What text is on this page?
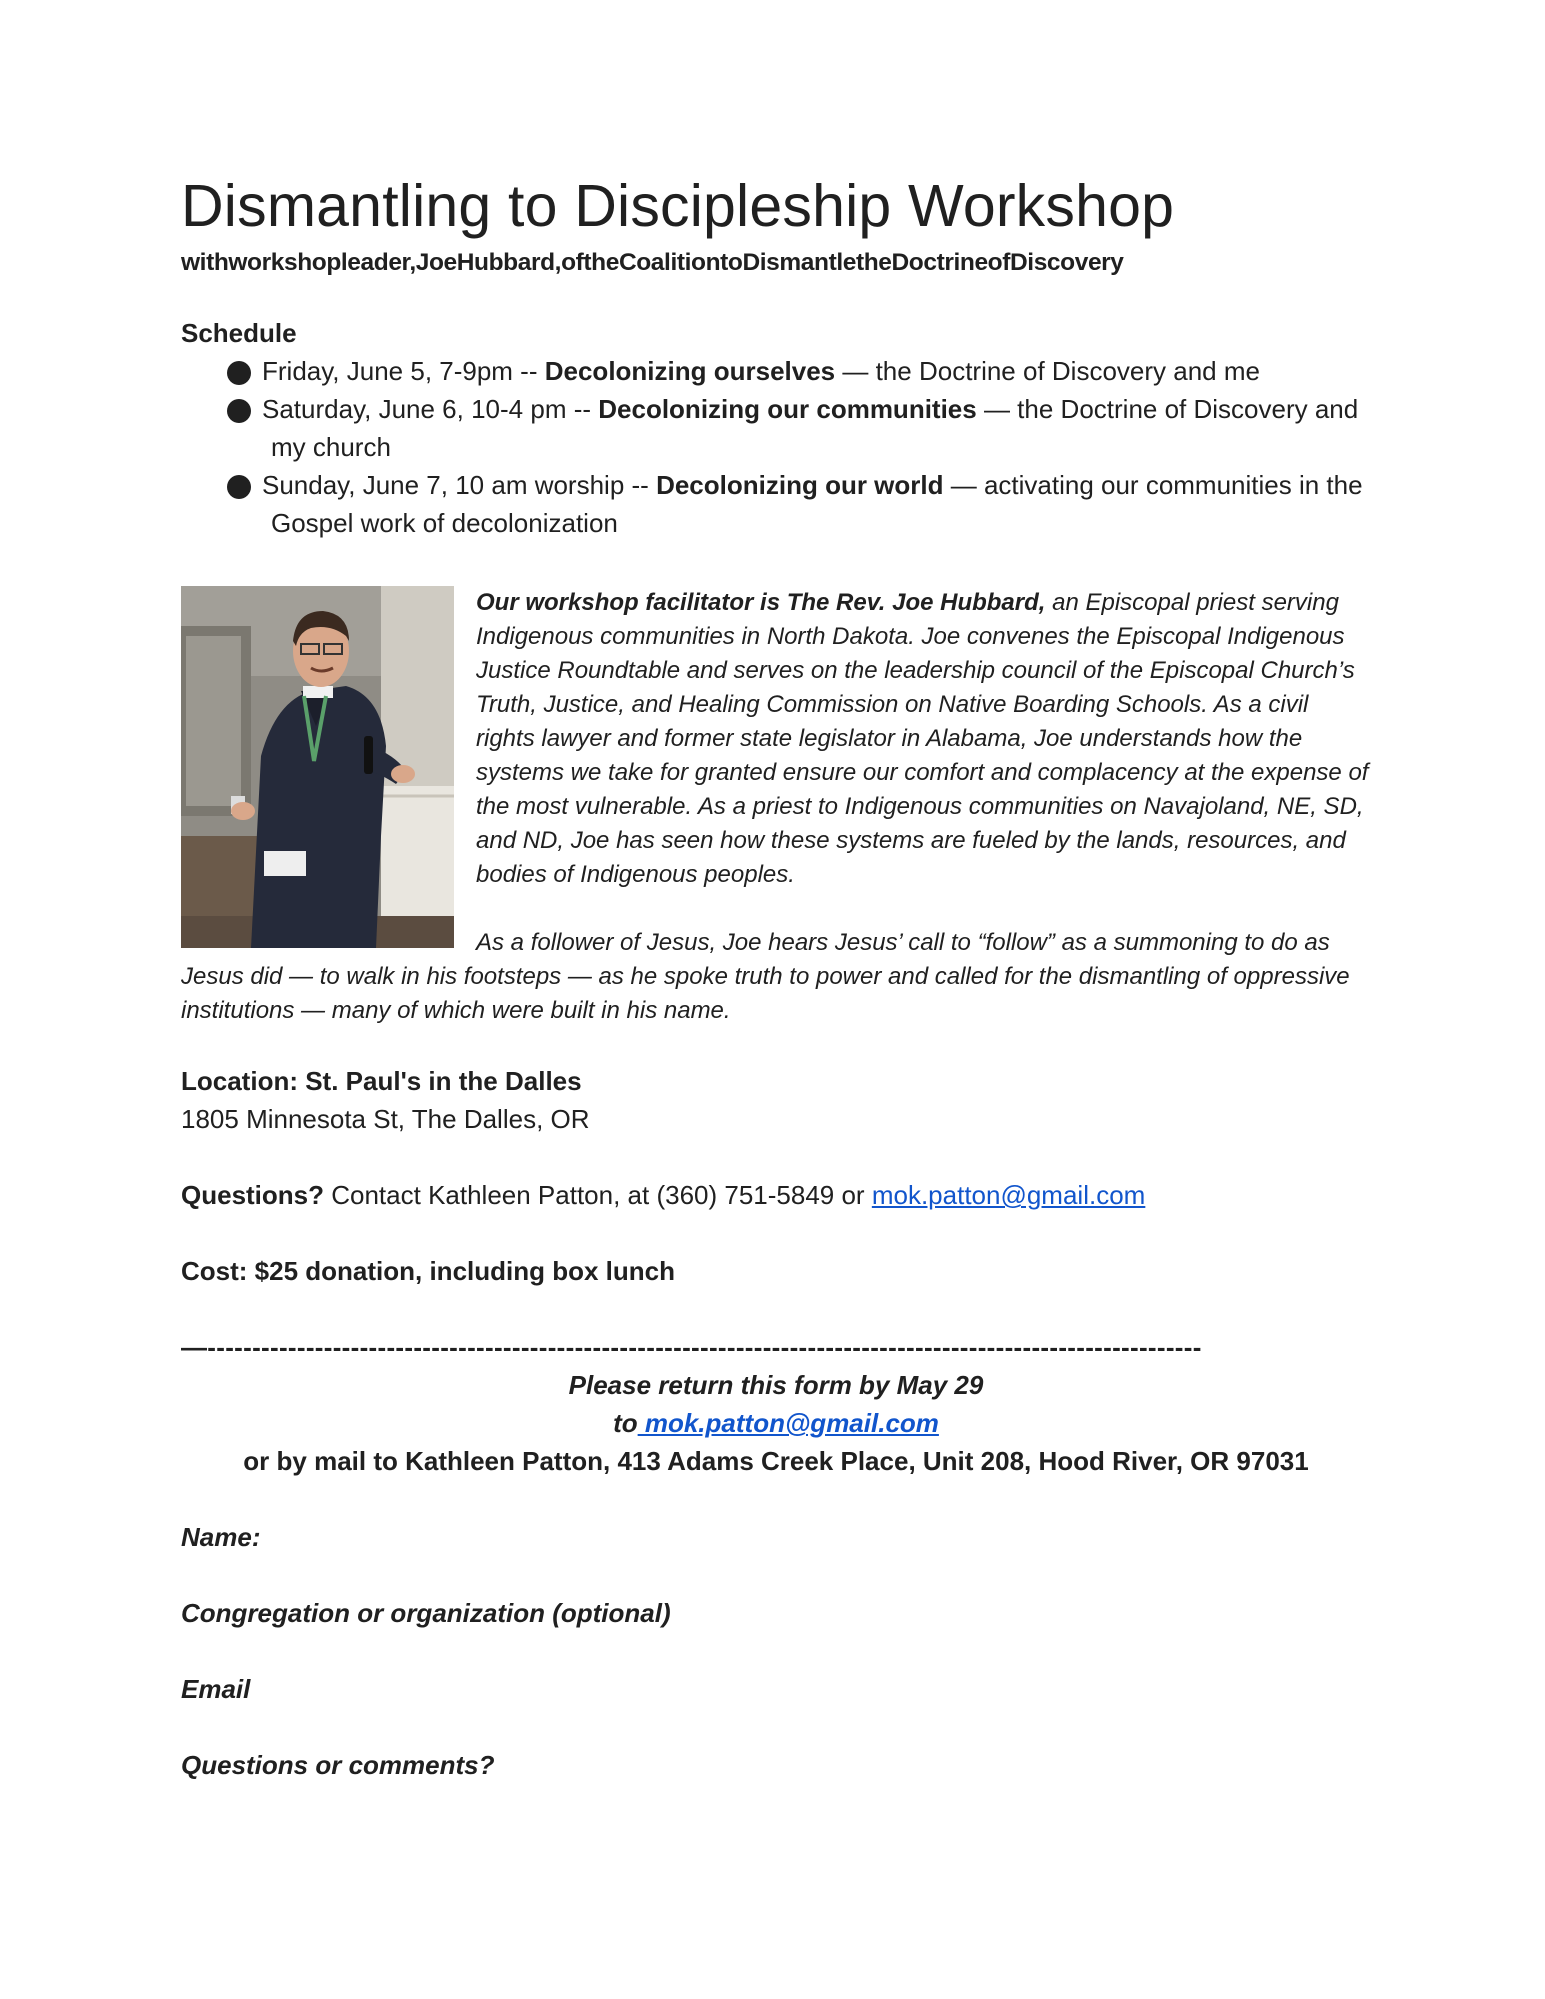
Dismantling to Discipleship Workshop
withworkshopleader,JoeHubbard,oftheCoalitiontoDismantletheDoctrineofDiscovery
Schedule
Friday, June 5, 7-9pm -- Decolonizing ourselves — the Doctrine of Discovery and me
Saturday, June 6, 10-4 pm -- Decolonizing our communities — the Doctrine of Discovery and my church
Sunday, June 7, 10 am worship -- Decolonizing our world — activating our communities in the Gospel work of decolonization

Our workshop facilitator is The Rev. Joe Hubbard, an Episcopal priest serving Indigenous communities in North Dakota. Joe convenes the Episcopal Indigenous Justice Roundtable and serves on the leadership council of the Episcopal Church’s Truth, Justice, and Healing Commission on Native Boarding Schools. As a civil rights lawyer and former state legislator in Alabama, Joe understands how the systems we take for granted ensure our comfort and complacency at the expense of the most vulnerable. As a priest to Indigenous communities on Navajoland, NE, SD, and ND, Joe has seen how these systems are fueled by the lands, resources, and bodies of Indigenous peoples.

As a follower of Jesus, Joe hears Jesus’ call to “follow” as a summoning to do as Jesus did — to walk in his footsteps — as he spoke truth to power and called for the dismantling of oppressive institutions — many of which were built in his name.

Location: St. Paul's in the Dalles
1805 Minnesota St, The Dalles, OR
Questions? Contact Kathleen Patton, at (360) 751-5849 or mok.patton@gmail.com
Cost: $25 donation, including box lunch
—---------------------------------------------------------------------------------------------------------------
Please return this form by May 29
to mok.patton@gmail.com
or by mail to Kathleen Patton, 413 Adams Creek Place, Unit 208, Hood River, OR 97031
Name:
Congregation or organization (optional)
Email
Questions or comments?
